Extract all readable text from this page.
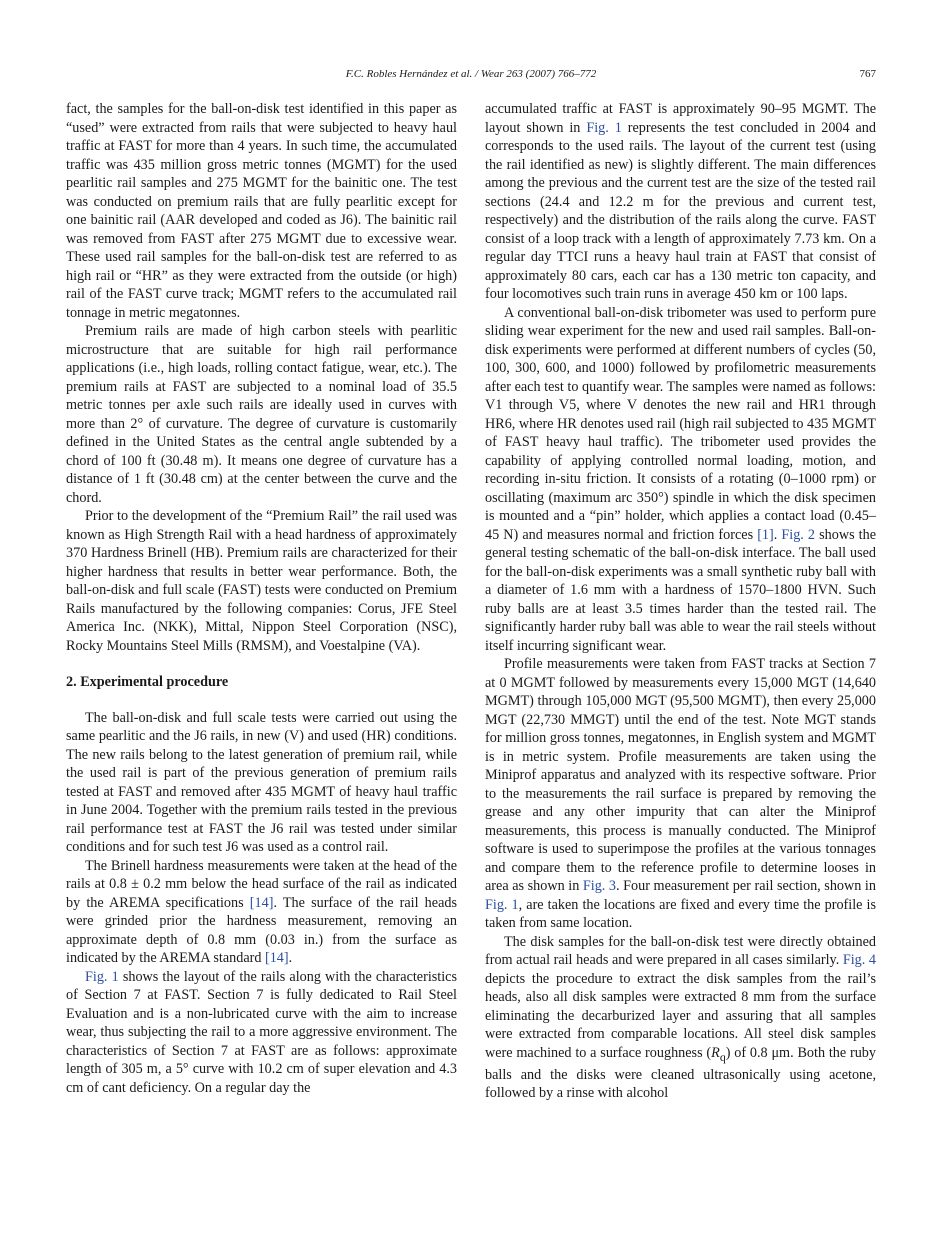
F.C. Robles Hernández et al. / Wear 263 (2007) 766–772	767

fact, the samples for the ball-on-disk test identified in this paper as “used” were extracted from rails that were subjected to heavy haul traffic at FAST for more than 4 years. In such time, the accumulated traffic was 435 million gross metric tonnes (MGMT) for the used pearlitic rail samples and 275 MGMT for the bainitic one. The test was conducted on premium rails that are fully pearlitic except for one bainitic rail (AAR developed and coded as J6). The bainitic rail was removed from FAST after 275 MGMT due to excessive wear. These used rail samples for the ball-on-disk test are referred to as high rail or “HR” as they were extracted from the outside (or high) rail of the FAST curve track; MGMT refers to the accumulated rail tonnage in metric megatonnes.

Premium rails are made of high carbon steels with pearlitic microstructure that are suitable for high rail performance applications (i.e., high loads, rolling contact fatigue, wear, etc.). The premium rails at FAST are subjected to a nominal load of 35.5 metric tonnes per axle such rails are ideally used in curves with more than 2° of curvature. The degree of curvature is customarily defined in the United States as the central angle subtended by a chord of 100 ft (30.48 m). It means one degree of curvature has a distance of 1 ft (30.48 cm) at the center between the curve and the chord.

Prior to the development of the “Premium Rail” the rail used was known as High Strength Rail with a head hardness of approximately 370 Hardness Brinell (HB). Premium rails are characterized for their higher hardness that results in better wear performance. Both, the ball-on-disk and full scale (FAST) tests were conducted on Premium Rails manufactured by the following companies: Corus, JFE Steel America Inc. (NKK), Mittal, Nippon Steel Corporation (NSC), Rocky Mountains Steel Mills (RMSM), and Voestalpine (VA).

2. Experimental procedure

The ball-on-disk and full scale tests were carried out using the same pearlitic and the J6 rails, in new (V) and used (HR) conditions. The new rails belong to the latest generation of premium rail, while the used rail is part of the previous generation of premium rails tested at FAST and removed after 435 MGMT of heavy haul traffic in June 2004. Together with the premium rails tested in the previous rail performance test at FAST the J6 rail was tested under similar conditions and for such test J6 was used as a control rail.

The Brinell hardness measurements were taken at the head of the rails at 0.8 ± 0.2 mm below the head surface of the rail as indicated by the AREMA specifications [14]. The surface of the rail heads were grinded prior the hardness measurement, removing an approximate depth of 0.8 mm (0.03 in.) from the surface as indicated by the AREMA standard [14].

Fig. 1 shows the layout of the rails along with the characteristics of Section 7 at FAST. Section 7 is fully dedicated to Rail Steel Evaluation and is a non-lubricated curve with the aim to increase wear, thus subjecting the rail to a more aggressive environment. The characteristics of Section 7 at FAST are as follows: approximate length of 305 m, a 5° curve with 10.2 cm of super elevation and 4.3 cm of cant deficiency. On a regular day the

accumulated traffic at FAST is approximately 90–95 MGMT. The layout shown in Fig. 1 represents the test concluded in 2004 and corresponds to the used rails. The layout of the current test (using the rail identified as new) is slightly different. The main differences among the previous and the current test are the size of the tested rail sections (24.4 and 12.2 m for the previous and current test, respectively) and the distribution of the rails along the curve. FAST consist of a loop track with a length of approximately 7.73 km. On a regular day TTCI runs a heavy haul train at FAST that consist of approximately 80 cars, each car has a 130 metric ton capacity, and four locomotives such train runs in average 450 km or 100 laps.

A conventional ball-on-disk tribometer was used to perform pure sliding wear experiment for the new and used rail samples. Ball-on-disk experiments were performed at different numbers of cycles (50, 100, 300, 600, and 1000) followed by profilometric measurements after each test to quantify wear. The samples were named as follows: V1 through V5, where V denotes the new rail and HR1 through HR6, where HR denotes used rail (high rail subjected to 435 MGMT of FAST heavy haul traffic). The tribometer used provides the capability of applying controlled normal loading, motion, and recording in-situ friction. It consists of a rotating (0–1000 rpm) or oscillating (maximum arc 350°) spindle in which the disk specimen is mounted and a “pin” holder, which applies a contact load (0.45–45 N) and measures normal and friction forces [1]. Fig. 2 shows the general testing schematic of the ball-on-disk interface. The ball used for the ball-on-disk experiments was a small synthetic ruby ball with a diameter of 1.6 mm with a hardness of 1570–1800 HVN. Such ruby balls are at least 3.5 times harder than the tested rail. The significantly harder ruby ball was able to wear the rail steels without itself incurring significant wear.

Profile measurements were taken from FAST tracks at Section 7 at 0 MGMT followed by measurements every 15,000 MGT (14,640 MGMT) through 105,000 MGT (95,500 MGMT), then every 25,000 MGT (22,730 MMGT) until the end of the test. Note MGT stands for million gross tonnes, megatonnes, in English system and MGMT is in metric system. Profile measurements are taken using the Miniprof apparatus and analyzed with its respective software. Prior to the measurements the rail surface is prepared by removing the grease and any other impurity that can alter the Miniprof measurements, this process is manually conducted. The Miniprof software is used to superimpose the profiles at the various tonnages and compare them to the reference profile to determine looses in area as shown in Fig. 3. Four measurement per rail section, shown in Fig. 1, are taken the locations are fixed and every time the profile is taken from same location.

The disk samples for the ball-on-disk test were directly obtained from actual rail heads and were prepared in all cases similarly. Fig. 4 depicts the procedure to extract the disk samples from the rail’s heads, also all disk samples were extracted 8 mm from the surface eliminating the decarburized layer and assuring that all samples were extracted from comparable locations. All steel disk samples were machined to a surface roughness $(R_q)$ of 0.8 μm. Both the ruby balls and the disks were cleaned ultrasonically using acetone, followed by a rinse with alcohol
